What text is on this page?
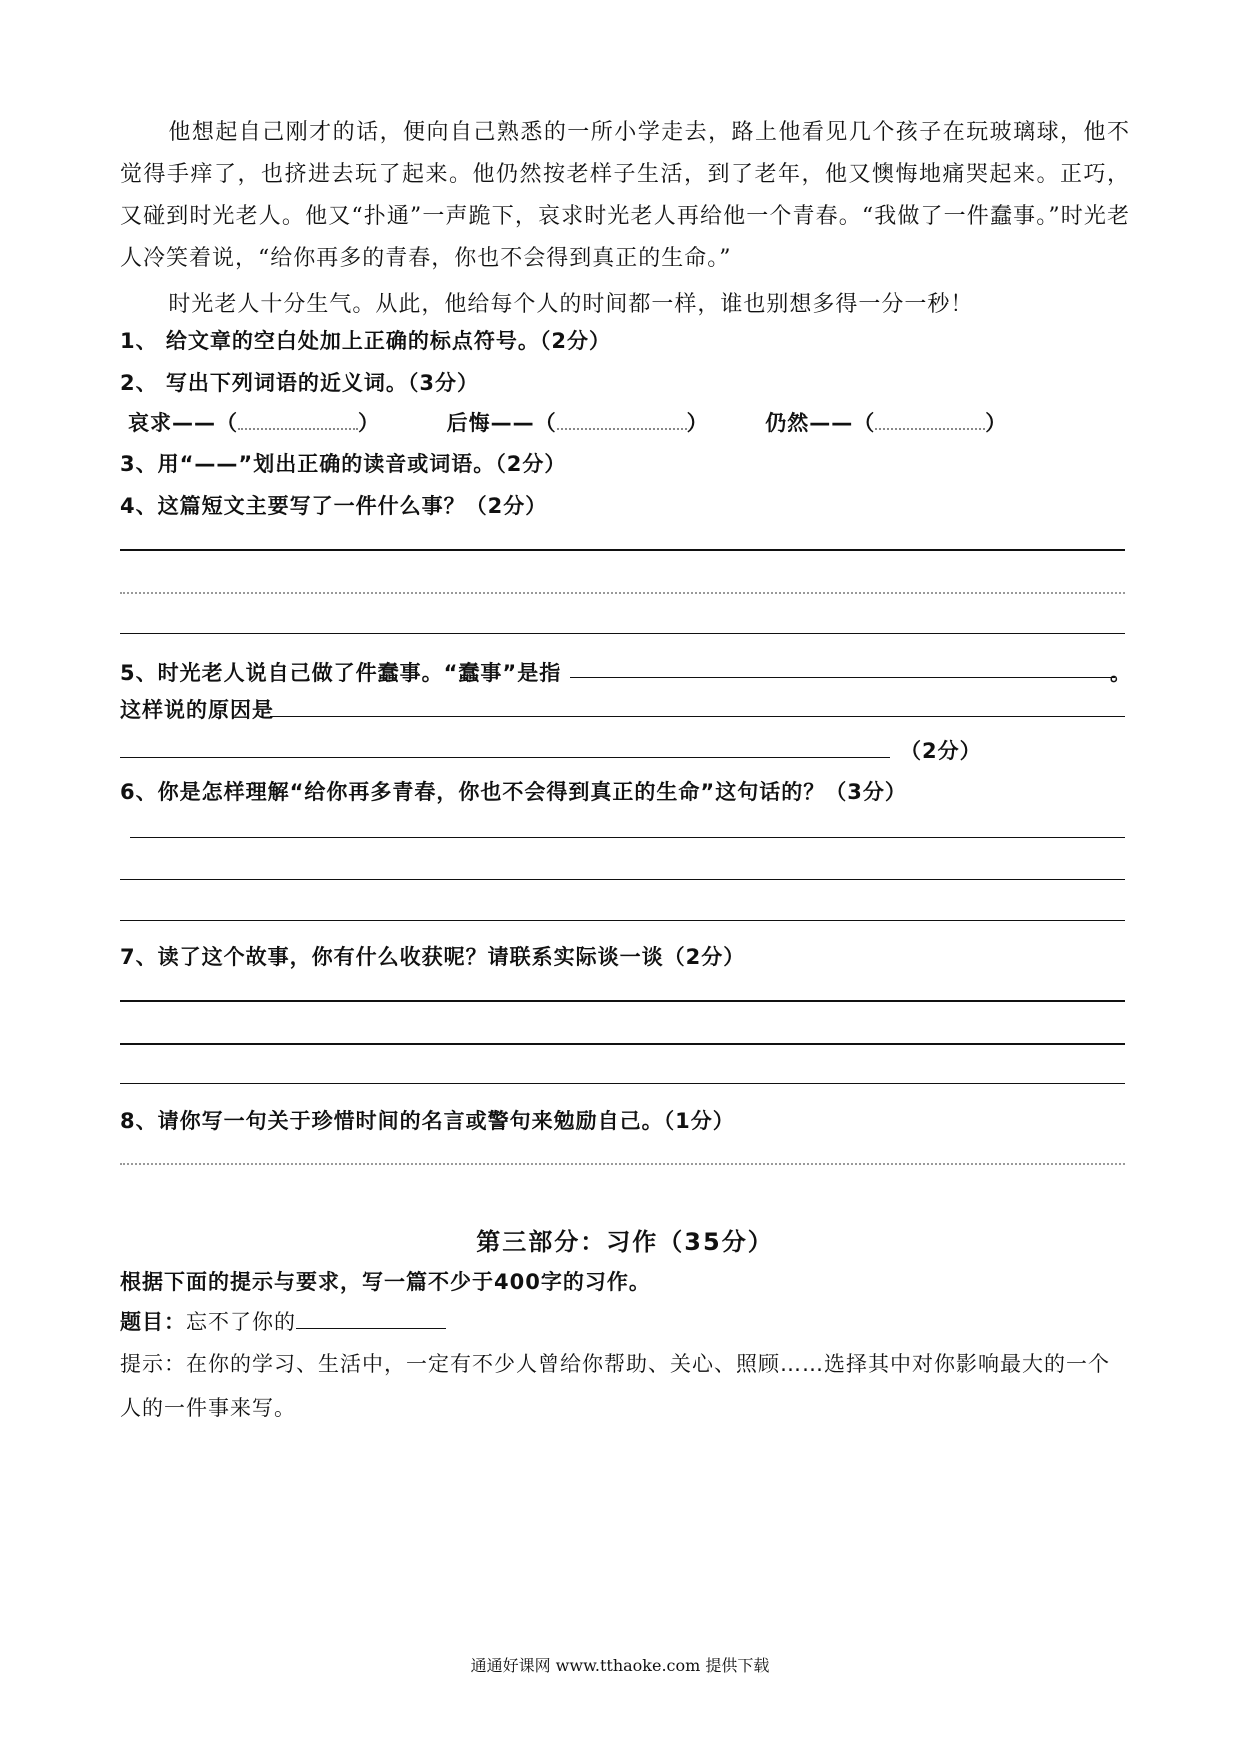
他想起自己刚才的话，便向自己熟悉的一所小学走去，路上他看见几个孩子在玩玻璃球，他不觉得手痒了，也挤进去玩了起来。他仍然按老样子生活，到了老年，他又懊悔地痛哭起来。正巧，又碰到时光老人。他又“扑通”一声跪下，哀求时光老人再给他一个青春。“我做了一件蠢事。”时光老人冷笑着说，“给你再多的青春，你也不会得到真正的生命。”

时光老人十分生气。从此，他给每个人的时间都一样，谁也别想多得一分一秒！

1、 给文章的空白处加上正确的标点符号。（2分）
2、 写出下列词语的近义词。（3分）
哀求——（	）	后悔——（	）	仍然——（	）
3、用“——”划出正确的读音或词语。（2分）
4、这篇短文主要写了一件什么事？（2分）
5、时光老人说自己做了件蠢事。“蠢事”是指	。
这样说的原因是
（2分）
6、你是怎样理解“给你再多青春，你也不会得到真正的生命”这句话的？（3分）
7、读了这个故事，你有什么收获呢？请联系实际谈一谈（2分）
8、请你写一句关于珍惜时间的名言或警句来勉励自己。（1分）
第三部分：习作（35分）
根据下面的提示与要求，写一篇不少于400字的习作。
题目：忘不了你的
提示：在你的学习、生活中，一定有不少人曾给你帮助、关心、照顾……选择其中对你影响最大的一个人的一件事来写。
通通好课网 www.tthaoke.com 提供下载
